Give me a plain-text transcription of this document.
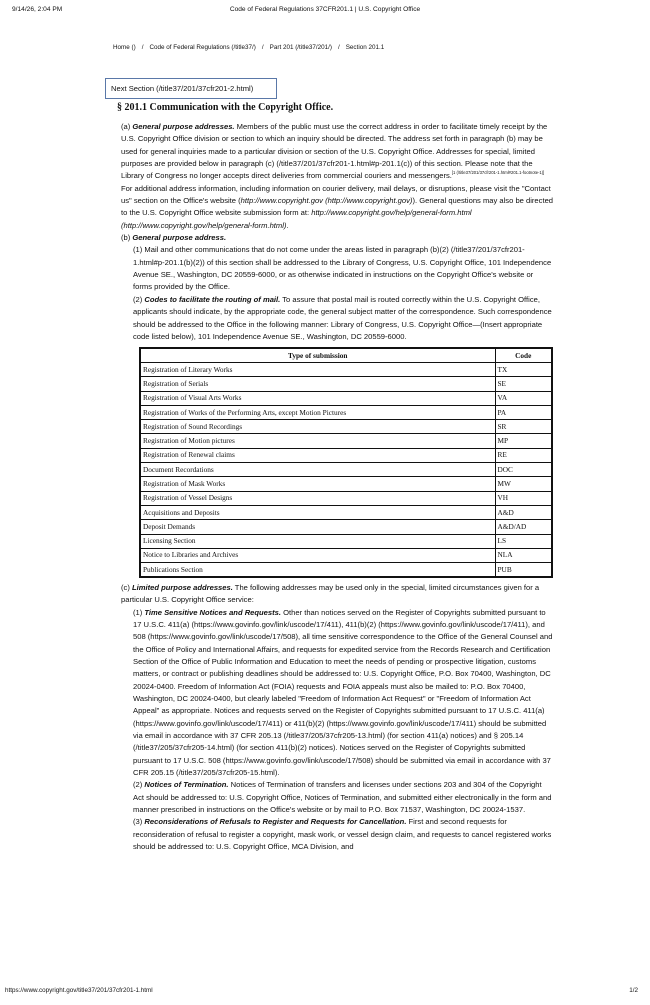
9/14/26, 2:04 PM	Code of Federal Regulations 37CFR201.1 | U.S. Copyright Office
Home () / Code of Federal Regulations (/title37/) / Part 201 (/title37/201/) / Section 201.1
Next Section (/title37/201/37cfr201-2.html)
§ 201.1 Communication with the Copyright Office.

(a) General purpose addresses. Members of the public must use the correct address in order to facilitate timely receipt by the U.S. Copyright Office division or section to which an inquiry should be directed. The address set forth in paragraph (b) may be used for general inquiries made to a particular division or section of the U.S. Copyright Office. Addresses for special, limited purposes are provided below in paragraph (c) (/title37/201/37cfr201-1.html#p-201.1(c)) of this section. Please note that the Library of Congress no longer accepts direct deliveries from commercial couriers and messengers.[1 (/title37/201/37cfr201-1.html#201.1-footnote-1)] For additional address information, including information on courier delivery, mail delays, or disruptions, please visit the "Contact us" section on the Office's website (http://www.copyright.gov (http://www.copyright.gov)). General questions may also be directed to the U.S. Copyright Office website submission form at: http://www.copyright.gov/help/general-form.html (http://www.copyright.gov/help/general-form.html).

(b) General purpose address.

(1) Mail and other communications that do not come under the areas listed in paragraph (b)(2) (/title37/201/37cfr201-1.html#p-201.1(b)(2)) of this section shall be addressed to the Library of Congress, U.S. Copyright Office, 101 Independence Avenue SE., Washington, DC 20559-6000, or as otherwise indicated in instructions on the Copyright Office's website or forms provided by the Office.

(2) Codes to facilitate the routing of mail. To assure that postal mail is routed correctly within the U.S. Copyright Office, applicants should indicate, by the appropriate code, the general subject matter of the correspondence. Such correspondence should be addressed to the Office in the following manner: Library of Congress, U.S. Copyright Office—(Insert appropriate code listed below), 101 Independence Avenue SE., Washington, DC 20559-6000.

Type of submission	Code
Registration of Literary Works	TX
Registration of Serials	SE
Registration of Visual Arts Works	VA
Registration of Works of the Performing Arts, except Motion Pictures	PA
Registration of Sound Recordings	SR
Registration of Motion pictures	MP
Registration of Renewal claims	RE
Document Recordations	DOC
Registration of Mask Works	MW
Registration of Vessel Designs	VH
Acquisitions and Deposits	A&D
Deposit Demands	A&D/AD
Licensing Section	LS
Notice to Libraries and Archives	NLA
Publications Section	PUB

(c) Limited purpose addresses. The following addresses may be used only in the special, limited circumstances given for a particular U.S. Copyright Office service:

(1) Time Sensitive Notices and Requests. Other than notices served on the Register of Copyrights submitted pursuant to 17 U.S.C. 411(a) (https://www.govinfo.gov/link/uscode/17/411), 411(b)(2) (https://www.govinfo.gov/link/uscode/17/411), and 508 (https://www.govinfo.gov/link/uscode/17/508), all time sensitive correspondence to the Office of the General Counsel and the Office of Policy and International Affairs, and requests for expedited service from the Records Research and Certification Section of the Office of Public Information and Education to meet the needs of pending or prospective litigation, customs matters, or contract or publishing deadlines should be addressed to: U.S. Copyright Office, P.O. Box 70400, Washington, DC 20024-0400. Freedom of Information Act (FOIA) requests and FOIA appeals must also be mailed to: P.O. Box 70400, Washington, DC 20024-0400, but clearly labeled "Freedom of Information Act Request" or "Freedom of Information Act Appeal" as appropriate. Notices and requests served on the Register of Copyrights submitted pursuant to 17 U.S.C. 411(a) (https://www.govinfo.gov/link/uscode/17/411) or 411(b)(2) (https://www.govinfo.gov/link/uscode/17/411) should be submitted via email in accordance with 37 CFR 205.13 (/title37/205/37cfr205-13.html) (for section 411(a) notices) and § 205.14 (/title37/205/37cfr205-14.html) (for section 411(b)(2) notices). Notices served on the Register of Copyrights submitted pursuant to 17 U.S.C. 508 (https://www.govinfo.gov/link/uscode/17/508) should be submitted via email in accordance with 37 CFR 205.15 (/title37/205/37cfr205-15.html).

(2) Notices of Termination. Notices of Termination of transfers and licenses under sections 203 and 304 of the Copyright Act should be addressed to: U.S. Copyright Office, Notices of Termination, and submitted either electronically in the form and manner prescribed in instructions on the Office's website or by mail to P.O. Box 71537, Washington, DC 20024-1537.

(3) Reconsiderations of Refusals to Register and Requests for Cancellation. First and second requests for reconsideration of refusal to register a copyright, mask work, or vessel design claim, and requests to cancel registered works should be addressed to: U.S. Copyright Office, MCA Division, and

https://www.copyright.gov/title37/201/37cfr201-1.html	1/2
